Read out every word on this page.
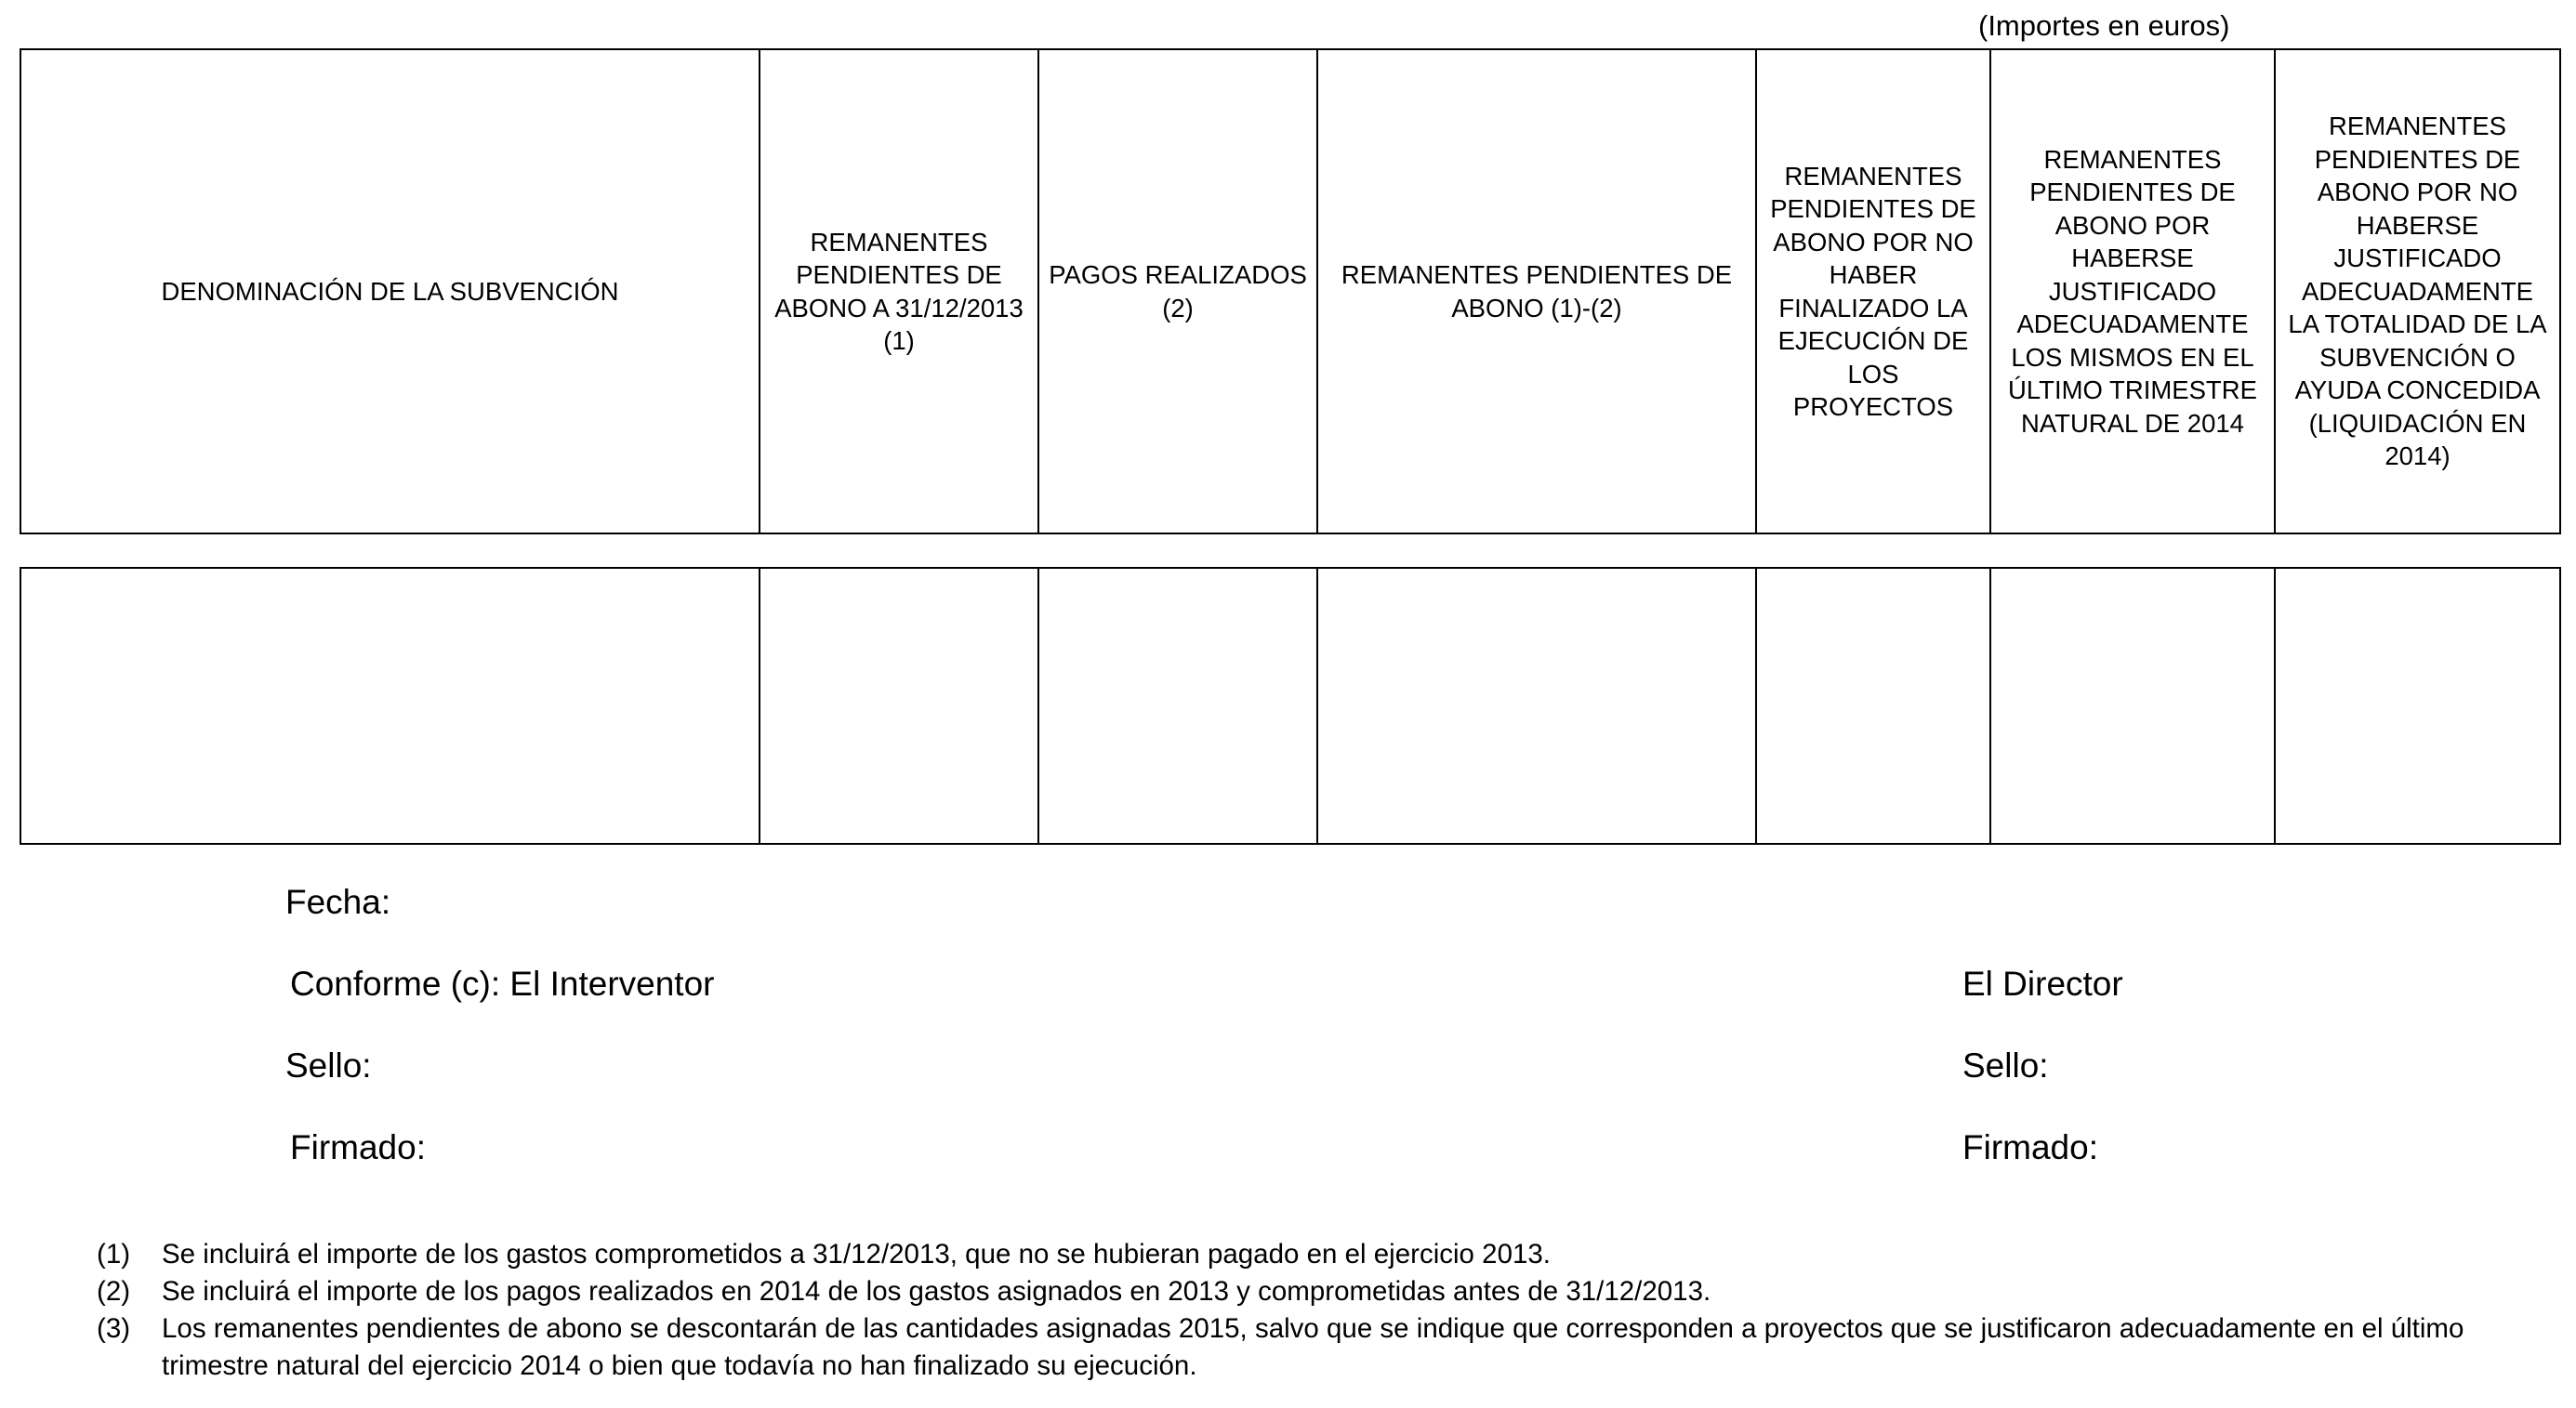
(Importes en euros)
DENOMINACIÓN DE LA SUBVENCIÓN	REMANENTES PENDIENTES DE ABONO A 31/12/2013 (1)	PAGOS REALIZADOS (2)	REMANENTES PENDIENTES DE ABONO (1)-(2)	REMANENTES PENDIENTES DE ABONO POR NO HABER FINALIZADO LA EJECUCIÓN DE LOS PROYECTOS	REMANENTES PENDIENTES DE ABONO POR HABERSE JUSTIFICADO ADECUADAMENTE LOS MISMOS EN EL ÚLTIMO TRIMESTRE NATURAL DE 2014	REMANENTES PENDIENTES DE ABONO POR NO HABERSE JUSTIFICADO ADECUADAMENTE LA TOTALIDAD DE LA SUBVENCIÓN O AYUDA CONCEDIDA (LIQUIDACIÓN EN 2014)

Fecha:
Conforme (c): El Interventor	El Director
Sello:	Sello:
Firmado:	Firmado:
(1)	Se incluirá el importe de los gastos comprometidos a 31/12/2013, que no se hubieran pagado en el ejercicio 2013.
(2)	Se incluirá el importe de los pagos realizados en 2014 de los gastos asignados en 2013 y comprometidas antes de 31/12/2013.
(3)	Los remanentes pendientes de abono se descontarán de las cantidades asignadas 2015, salvo que se indique que corresponden a proyectos que se justificaron adecuadamente en el último trimestre natural del ejercicio 2014 o bien que todavía no han finalizado su ejecución.
